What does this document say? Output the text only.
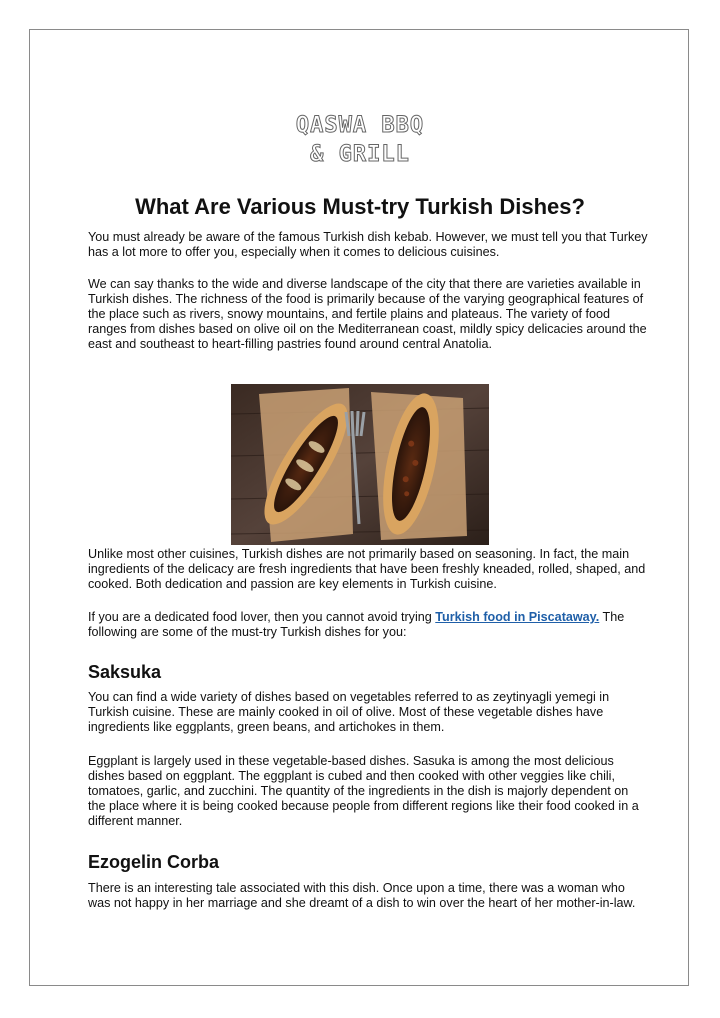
QASWA BBQ
& GRILL
What Are Various Must-try Turkish Dishes?

You must already be aware of the famous Turkish dish kebab. However, we must tell you that Turkey has a lot more to offer you, especially when it comes to delicious cuisines.

We can say thanks to the wide and diverse landscape of the city that there are varieties available in Turkish dishes. The richness of the food is primarily because of the varying geographical features of the place such as rivers, snowy mountains, and fertile plains and plateaus. The variety of food ranges from dishes based on olive oil on the Mediterranean coast, mildly spicy delicacies around the east and southeast to heart-filling pastries found around central Anatolia.

Unlike most other cuisines, Turkish dishes are not primarily based on seasoning. In fact, the main ingredients of the delicacy are fresh ingredients that have been freshly kneaded, rolled, shaped, and cooked. Both dedication and passion are key elements in Turkish cuisine.

If you are a dedicated food lover, then you cannot avoid trying Turkish food in Piscataway. The following are some of the must-try Turkish dishes for you:

Saksuka

You can find a wide variety of dishes based on vegetables referred to as zeytinyagli yemegi in Turkish cuisine. These are mainly cooked in oil of olive. Most of these vegetable dishes have ingredients like eggplants, green beans, and artichokes in them.

Eggplant is largely used in these vegetable-based dishes. Sasuka is among the most delicious dishes based on eggplant. The eggplant is cubed and then cooked with other veggies like chili, tomatoes, garlic, and zucchini. The quantity of the ingredients in the dish is majorly dependent on the place where it is being cooked because people from different regions like their food cooked in a different manner.

Ezogelin Corba

There is an interesting tale associated with this dish. Once upon a time, there was a woman who was not happy in her marriage and she dreamt of a dish to win over the heart of her mother-in-law.
